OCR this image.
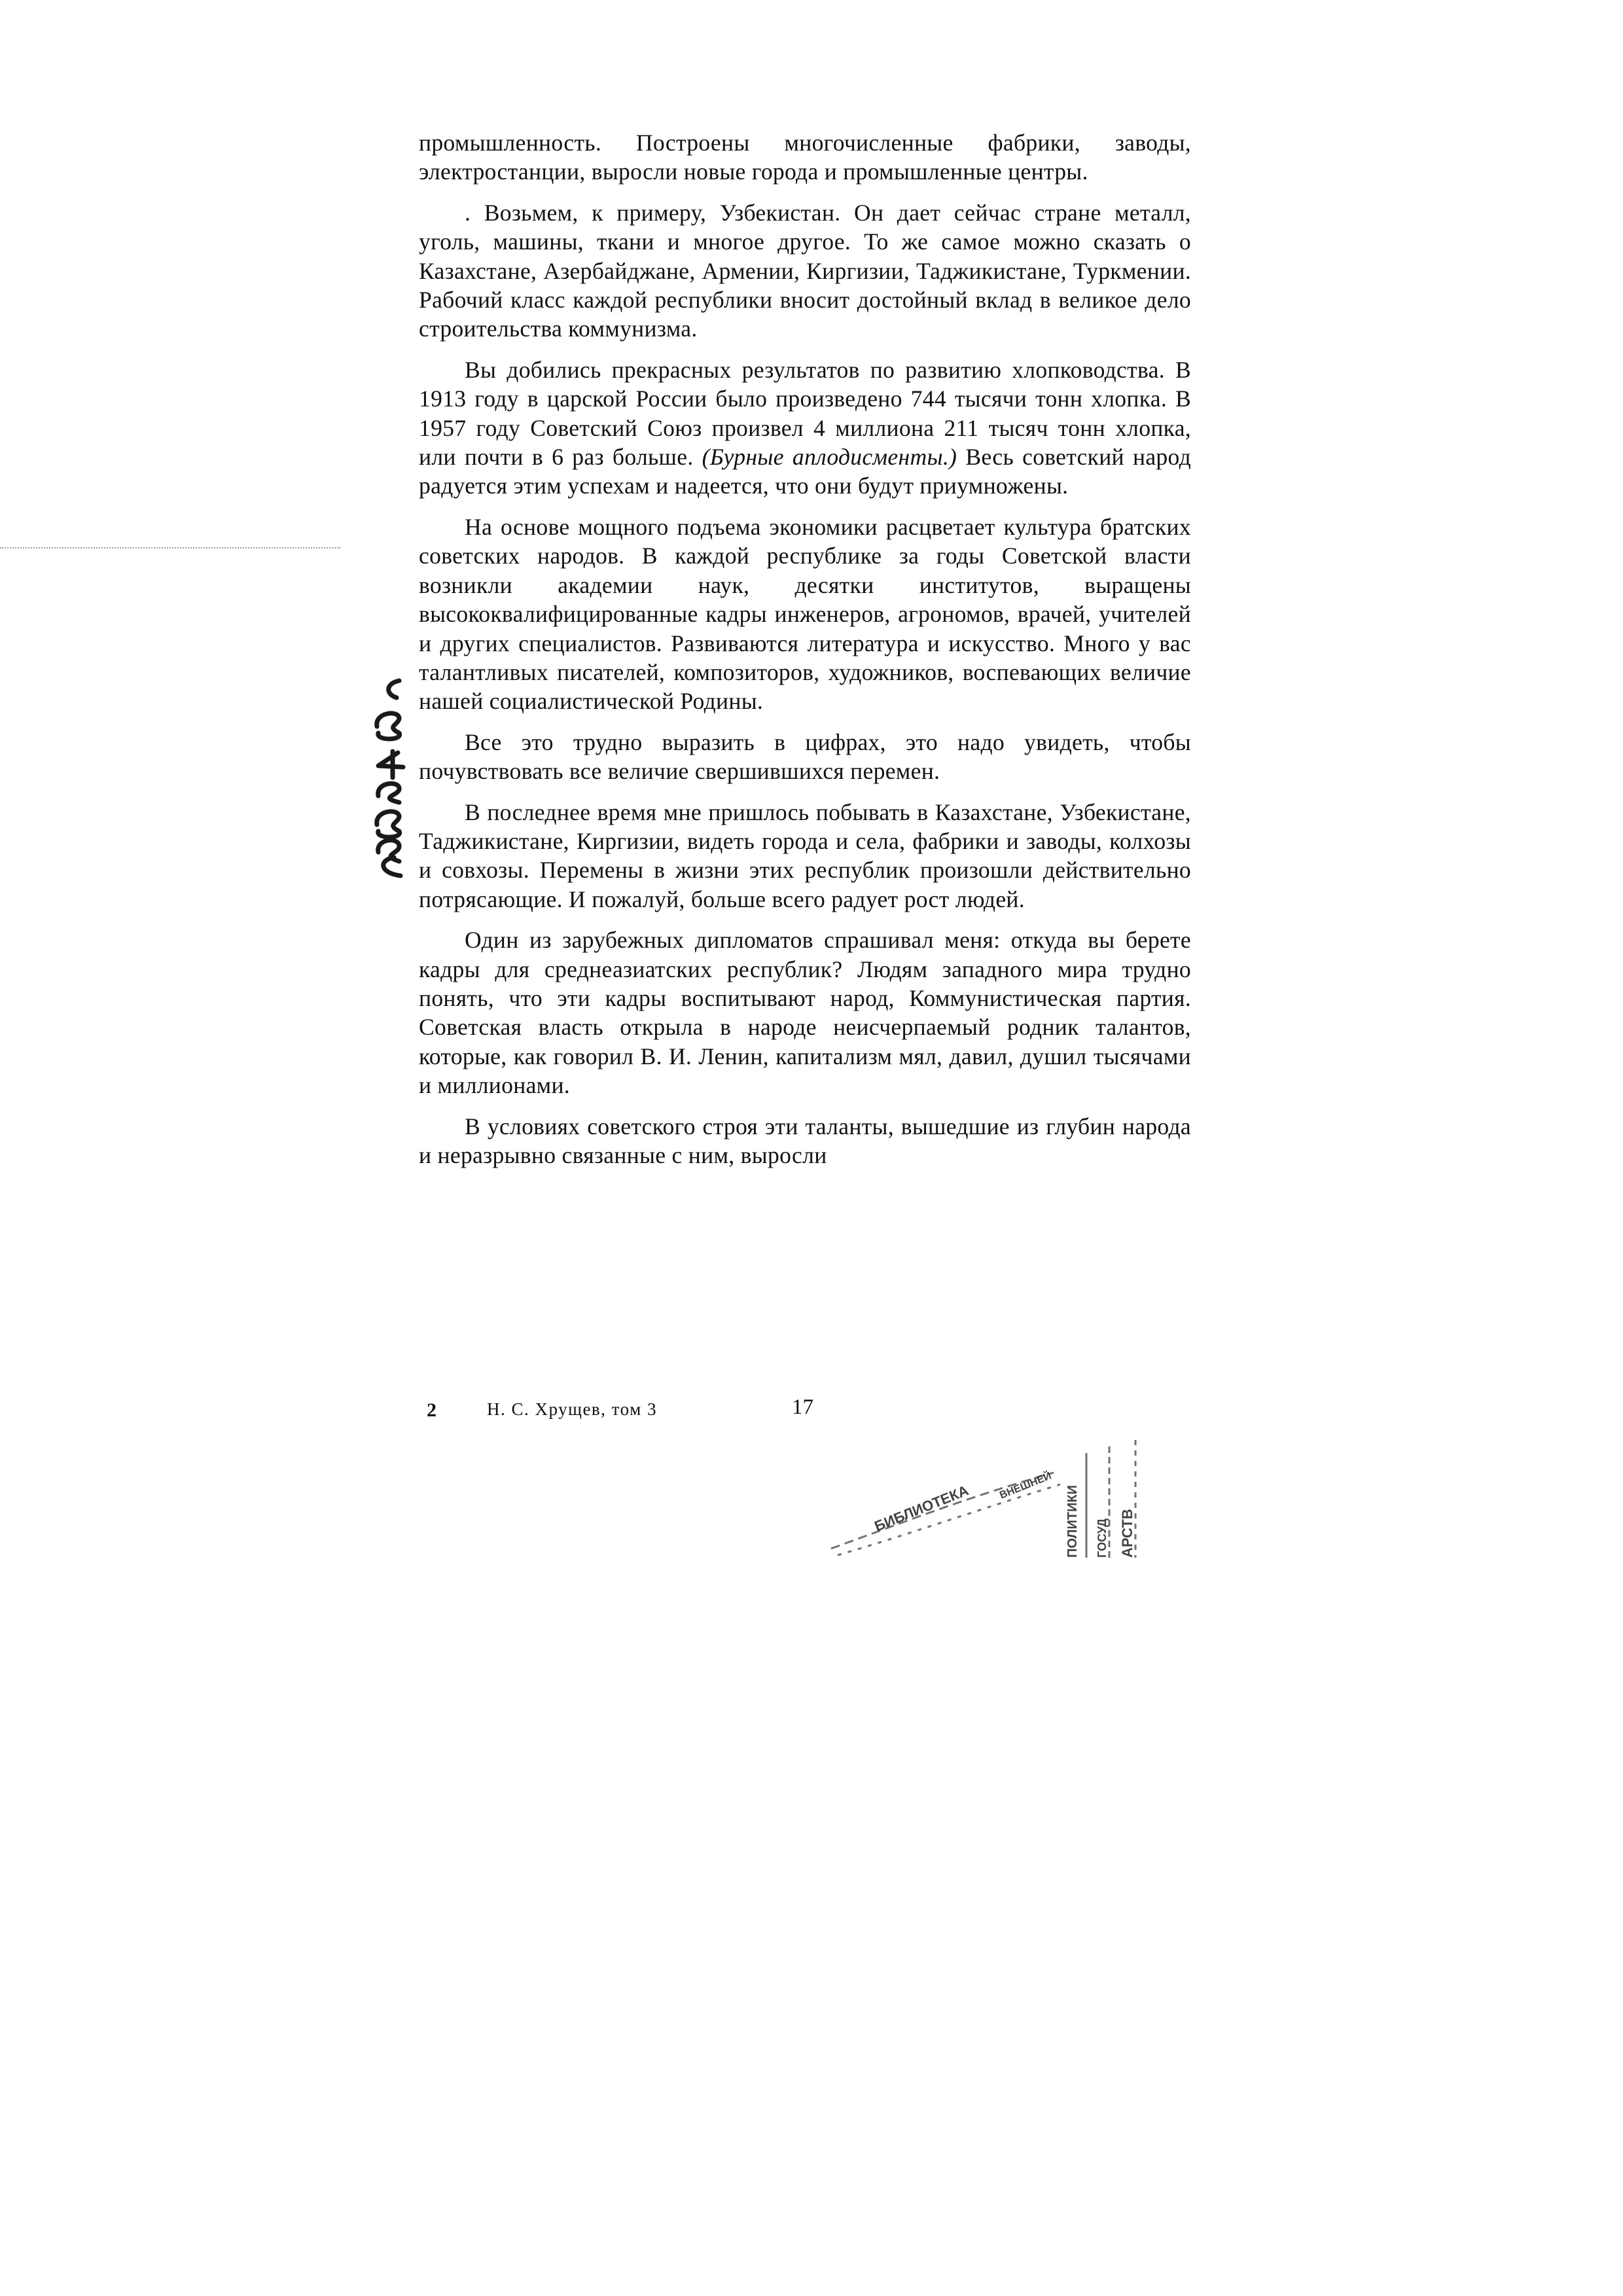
промышленность. Построены многочисленные фабрики, заводы, электростанции, выросли новые города и промышленные центры.

. Возьмем, к примеру, Узбекистан. Он дает сейчас стране металл, уголь, машины, ткани и многое другое. То же самое можно сказать о Казахстане, Азербайджане, Армении, Киргизии, Таджикистане, Туркмении. Рабочий класс каждой республики вносит достойный вклад в великое дело строительства коммунизма.

Вы добились прекрасных результатов по развитию хлопководства. В 1913 году в царской России было произведено 744 тысячи тонн хлопка. В 1957 году Советский Союз произвел 4 миллиона 211 тысяч тонн хлопка, или почти в 6 раз больше. (Бурные аплодисменты.) Весь советский народ радуется этим успехам и надеется, что они будут приумножены.

На основе мощного подъема экономики расцветает культура братских советских народов. В каждой республике за годы Советской власти возникли академии наук, десятки институтов, выращены высококвалифицированные кадры инженеров, агрономов, врачей, учителей и других специалистов. Развиваются литература и искусство. Много у вас талантливых писателей, композиторов, художников, воспевающих величие нашей социалистической Родины.

Все это трудно выразить в цифрах, это надо увидеть, чтобы почувствовать все величие свершившихся перемен.

В последнее время мне пришлось побывать в Казахстане, Узбекистане, Таджикистане, Киргизии, видеть города и села, фабрики и заводы, колхозы и совхозы. Перемены в жизни этих республик произошли действительно потрясающие. И пожалуй, больше всего радует рост людей.

Один из зарубежных дипломатов спрашивал меня: откуда вы берете кадры для среднеазиатских республик? Людям западного мира трудно понять, что эти кадры воспитывают народ, Коммунистическая партия. Советская власть открыла в народе неисчерпаемый родник талантов, которые, как говорил В. И. Ленин, капитализм мял, давил, душил тысячами и миллионами.

В условиях советского строя эти таланты, вышедшие из глубин народа и неразрывно связанные с ним, выросли

2	Н. С. Хрущев, том 3	17
БИБЛИОТЕКА	ВНЕШНЕЙ ПОЛИТИКИ ГОСУД АРСТВ
